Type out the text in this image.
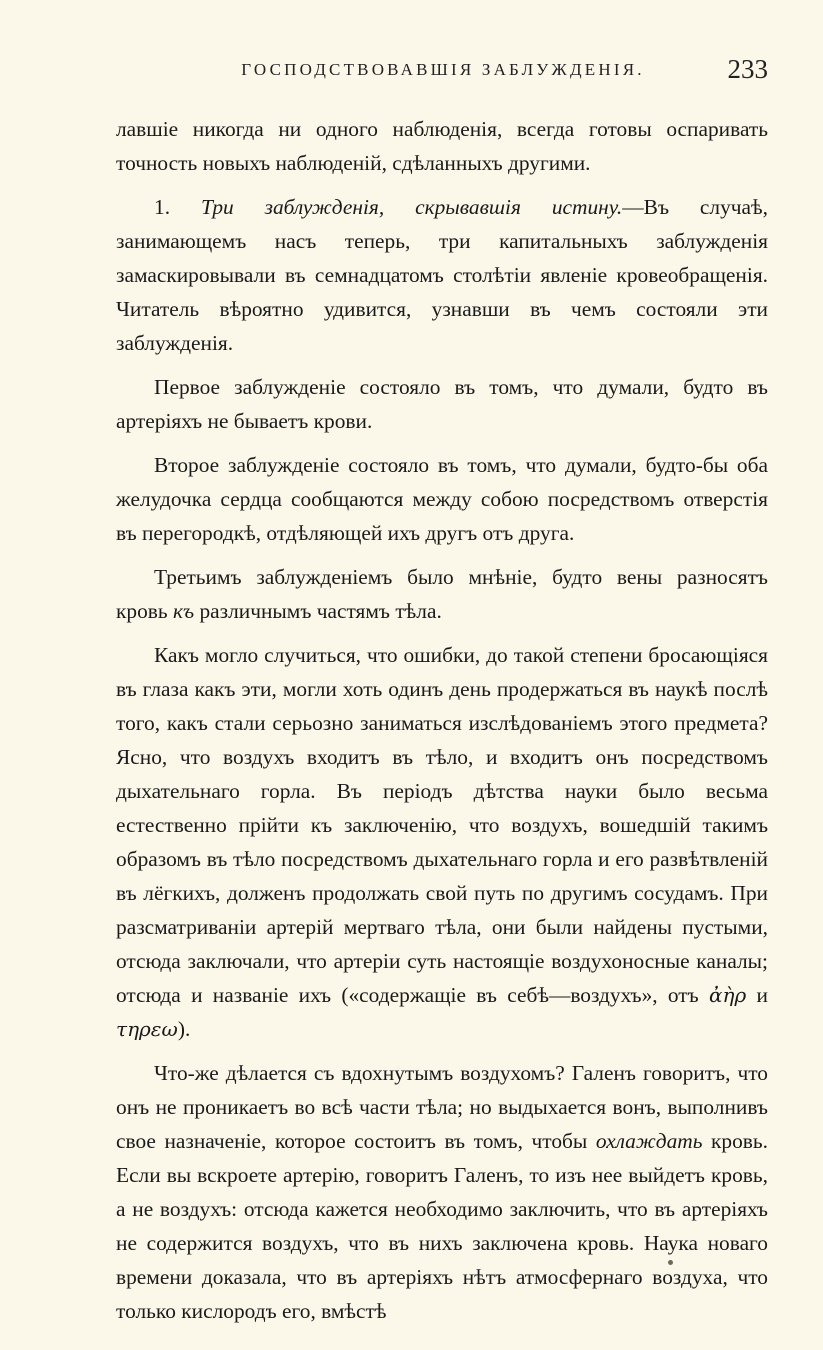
ГОСПОДСТВОВАВШІЯ ЗАБЛУЖДЕНІЯ.	233

лавшіе никогда ни одного наблюденія, всегда готовы оспаривать точность новыхъ наблюденій, сдѣланныхъ другими.

1. Три заблужденія, скрывавшія истину.—Въ случаѣ, занимающемъ насъ теперь, три капитальныхъ заблужденія замаскировывали въ семнадцатомъ столѣтіи явленіе кровеобращенія. Читатель вѣроятно удивится, узнавши въ чемъ состояли эти заблужденія.

Первое заблужденіе состояло въ томъ, что думали, будто въ артеріяхъ не бываетъ крови.

Второе заблужденіе состояло въ томъ, что думали, будто-бы оба желудочка сердца сообщаются между собою посредствомъ отверстія въ перегородкѣ, отдѣляющей ихъ другъ отъ друга.

Третьимъ заблужденіемъ было мнѣніе, будто вены разносятъ кровь къ различнымъ частямъ тѣла.

Какъ могло случиться, что ошибки, до такой степени бросающіяся въ глаза какъ эти, могли хоть одинъ день продержаться въ наукѣ послѣ того, какъ стали серьозно заниматься изслѣдованіемъ этого предмета? Ясно, что воздухъ входитъ въ тѣло, и входитъ онъ посредствомъ дыхательнаго горла. Въ періодъ дѣтства науки было весьма естественно прійти къ заключенію, что воздухъ, вошедшій такимъ образомъ въ тѣло посредствомъ дыхательнаго горла и его развѣтвленій въ лёгкихъ, долженъ продолжать свой путь по другимъ сосудамъ. При разсматриваніи артерій мертваго тѣла, они были найдены пустыми, отсюда заключали, что артеріи суть настоящіе воздухоносные каналы; отсюда и названіе ихъ («содержащіе въ себѣ—воздухъ», отъ ἀὴρ и τηρεω).

Что-же дѣлается съ вдохнутымъ воздухомъ? Галенъ говоритъ, что онъ не проникаетъ во всѣ части тѣла; но выдыхается вонъ, выполнивъ свое назначеніе, которое состоитъ въ томъ, чтобы охлаждать кровь. Если вы вскроете артерію, говоритъ Галенъ, то изъ нее выйдетъ кровь, а не воздухъ: отсюда кажется необходимо заключить, что въ артеріяхъ не содержится воздухъ, что въ нихъ заключена кровь. Наука новаго времени доказала, что въ артеріяхъ нѣтъ атмосфернаго воздуха, что только кислородъ его, вмѣстѣ
